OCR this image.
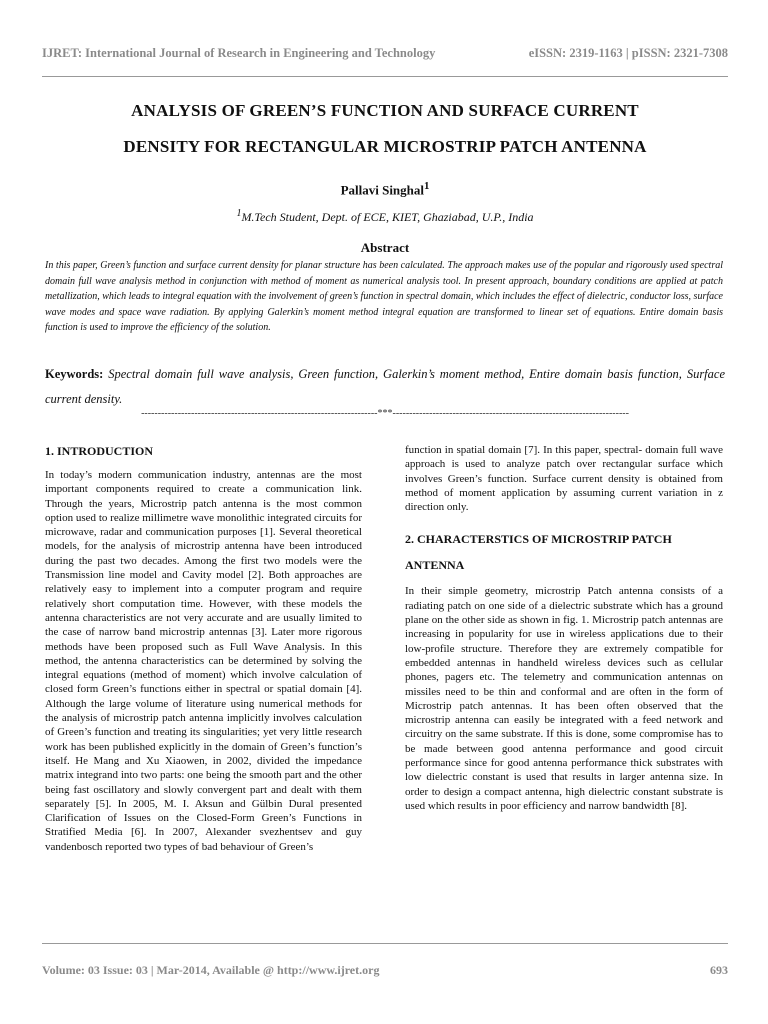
IJRET: International Journal of Research in Engineering and Technology	eISSN: 2319-1163 | pISSN: 2321-7308
ANALYSIS OF GREEN’S FUNCTION AND SURFACE CURRENT
DENSITY FOR RECTANGULAR MICROSTRIP PATCH ANTENNA
Pallavi Singhal$^1$
$^1$M.Tech Student, Dept. of ECE, KIET, Ghaziabad, U.P., India
Abstract
In this paper, Green’s function and surface current density for planar structure has been calculated. The approach makes use of the popular and rigorously used spectral domain full wave analysis method in conjunction with method of moment as numerical analysis tool. In present approach, boundary conditions are applied at patch metallization, which leads to integral equation with the involvement of green’s function in spectral domain, which includes the effect of dielectric, conductor loss, surface wave modes and space wave radiation. By applying Galerkin’s moment method integral equation are transformed to linear set of equations. Entire domain basis function is used to improve the efficiency of the solution.
Keywords: Spectral domain full wave analysis, Green function, Galerkin’s moment method, Entire domain basis function, Surface current density.
-----------------------------------------------------------------------***-----------------------------------------------------------------------
1. INTRODUCTION

In today’s modern communication industry, antennas are the most important components required to create a communication link. Through the years, Microstrip patch antenna is the most common option used to realize millimetre wave monolithic integrated circuits for microwave, radar and communication purposes [1]. Several theoretical models, for the analysis of microstrip antenna have been introduced during the past two decades. Among the first two models were the Transmission line model and Cavity model [2]. Both approaches are relatively easy to implement into a computer program and require relatively short computation time. However, with these models the antenna characteristics are not very accurate and are usually limited to the case of narrow band microstrip antennas [3]. Later more rigorous methods have been proposed such as Full Wave Analysis. In this method, the antenna characteristics can be determined by solving the integral equations (method of moment) which involve calculation of closed form Green’s functions either in spectral or spatial domain [4]. Although the large volume of literature using numerical methods for the analysis of microstrip patch antenna implicitly involves calculation of Green’s function and treating its singularities; yet very little research work has been published explicitly in the domain of Green’s function’s itself. He Mang and Xu Xiaowen, in 2002, divided the impedance matrix integrand into two parts: one being the smooth part and the other being fast oscillatory and slowly convergent part and dealt with them separately [5]. In 2005, M. I. Aksun and Gülbin Dural presented Clarification of Issues on the Closed-Form Green’s Functions in Stratified Media [6]. In 2007, Alexander svezhentsev and guy vandenbosch reported two types of bad behaviour of Green’s

function in spatial domain [7]. In this paper, spectral- domain full wave approach is used to analyze patch over rectangular surface which involves Green’s function. Surface current density is obtained from method of moment application by assuming current variation in z direction only.

2. CHARACTERSTICS OF MICROSTRIP PATCH ANTENNA

In their simple geometry, microstrip Patch antenna consists of a radiating patch on one side of a dielectric substrate which has a ground plane on the other side as shown in fig. 1. Microstrip patch antennas are increasing in popularity for use in wireless applications due to their low-profile structure. Therefore they are extremely compatible for embedded antennas in handheld wireless devices such as cellular phones, pagers etc. The telemetry and communication antennas on missiles need to be thin and conformal and are often in the form of Microstrip patch antennas. It has been often observed that the microstrip antenna can easily be integrated with a feed network and circuitry on the same substrate. If this is done, some compromise has to be made between good antenna performance and good circuit performance since for good antenna performance thick substrates with low dielectric constant is used that results in larger antenna size. In order to design a compact antenna, high dielectric constant substrate is used which results in poor efficiency and narrow bandwidth [8].

Volume: 03 Issue: 03 | Mar-2014, Available @ http://www.ijret.org	693
